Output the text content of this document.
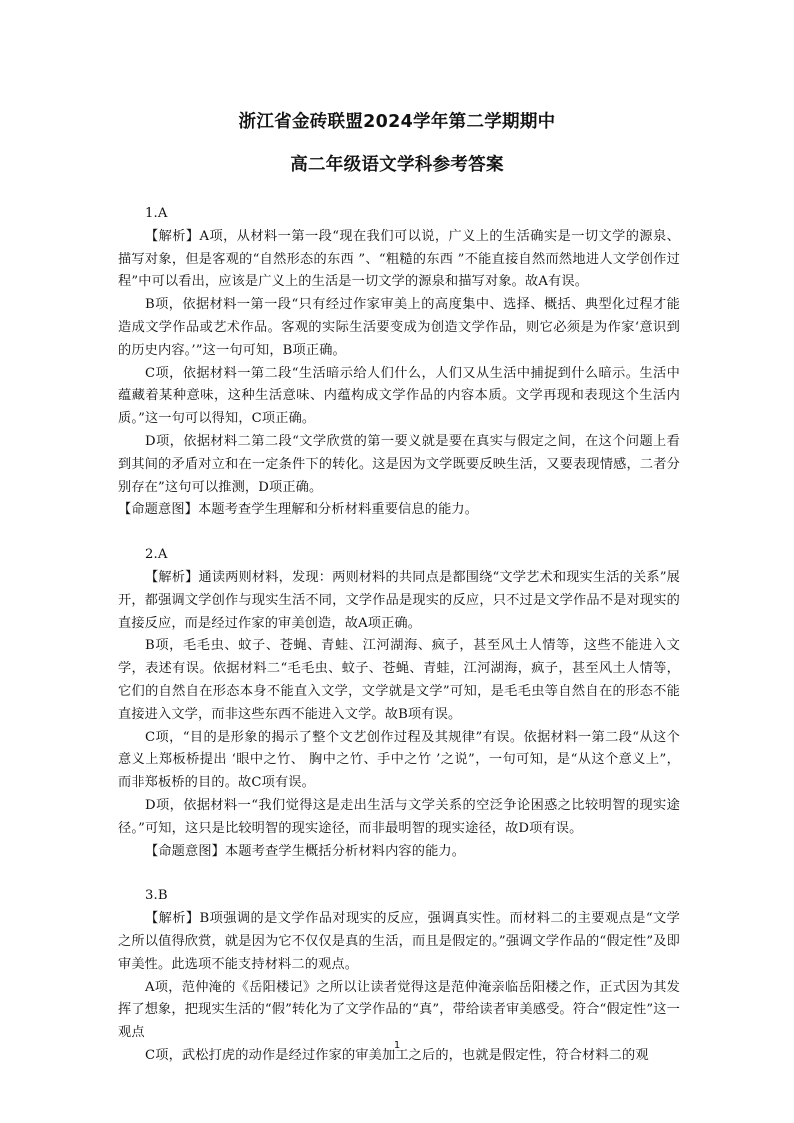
浙江省金砖联盟2024学年第二学期期中
高二年级语文学科参考答案

1.A

【解析】A项，从材料一第一段“现在我们可以说，广义上的生活确实是一切文学的源泉、描写对象，但是客观的“自然形态的东西 ”、“粗糙的东西 ”不能直接自然而然地进人文学创作过程”中可以看出，应该是广义上的生活是一切文学的源泉和描写对象。故A有误。

B项，依据材料一第一段“只有经过作家审美上的高度集中、选择、概括、典型化过程才能造成文学作品或艺术作品。客观的实际生活要变成为创造文学作品，则它必须是为作家‘意识到的历史内容。’”这一句可知，B项正确。

C项，依据材料一第二段“生活暗示给人们什么，人们又从生活中捕捉到什么暗示。生活中蕴藏着某种意味，这种生活意味、内蕴构成文学作品的内容本质。文学再现和表现这个生活内质。”这一句可以得知，C项正确。

D项，依据材料二第二段“文学欣赏的第一要义就是要在真实与假定之间，在这个问题上看到其间的矛盾对立和在一定条件下的转化。这是因为文学既要反映生活，又要表现情感，二者分别存在”这句可以推测，D项正确。

【命题意图】本题考查学生理解和分析材料重要信息的能力。

2.A

【解析】通读两则材料，发现：两则材料的共同点是都围绕“文学艺术和现实生活的关系”展开，都强调文学创作与现实生活不同，文学作品是现实的反应，只不过是文学作品不是对现实的直接反应，而是经过作家的审美创造，故A项正确。

B项，毛毛虫、蚊子、苍蝇、青蛙、江河湖海、疯子，甚至风土人情等，这些不能进入文学，表述有误。依据材料二“毛毛虫、蚊子、苍蝇、青蛙，江河湖海，疯子，甚至风土人情等，它们的自然自在形态本身不能直入文学，文学就是文学”可知，是毛毛虫等自然自在的形态不能直接进入文学，而非这些东西不能进入文学。故B项有误。

C项，“目的是形象的揭示了整个文艺创作过程及其规律”有误。依据材料一第二段“从这个意义上郑板桥提出 ‘眼中之竹、 胸中之竹、手中之竹 ’之说”，一句可知，是“从这个意义上”，而非郑板桥的目的。故C项有误。

D项，依据材料一“我们觉得这是走出生活与文学关系的空泛争论困惑之比较明智的现实途径。”可知，这只是比较明智的现实途径，而非最明智的现实途径，故D项有误。

【命题意图】本题考查学生概括分析材料内容的能力。

3.B

【解析】B项强调的是文学作品对现实的反应，强调真实性。而材料二的主要观点是“文学之所以值得欣赏，就是因为它不仅仅是真的生活，而且是假定的。”强调文学作品的“假定性”及即审美性。此选项不能支持材料二的观点。

A项，范仲淹的《岳阳楼记》之所以让读者觉得这是范仲淹亲临岳阳楼之作，正式因为其发挥了想象，把现实生活的“假”转化为了文学作品的“真”，带给读者审美感受。符合“假定性”这一观点

C项，武松打虎的动作是经过作家的审美加工之后的，也就是假定性，符合材料二的观

1
